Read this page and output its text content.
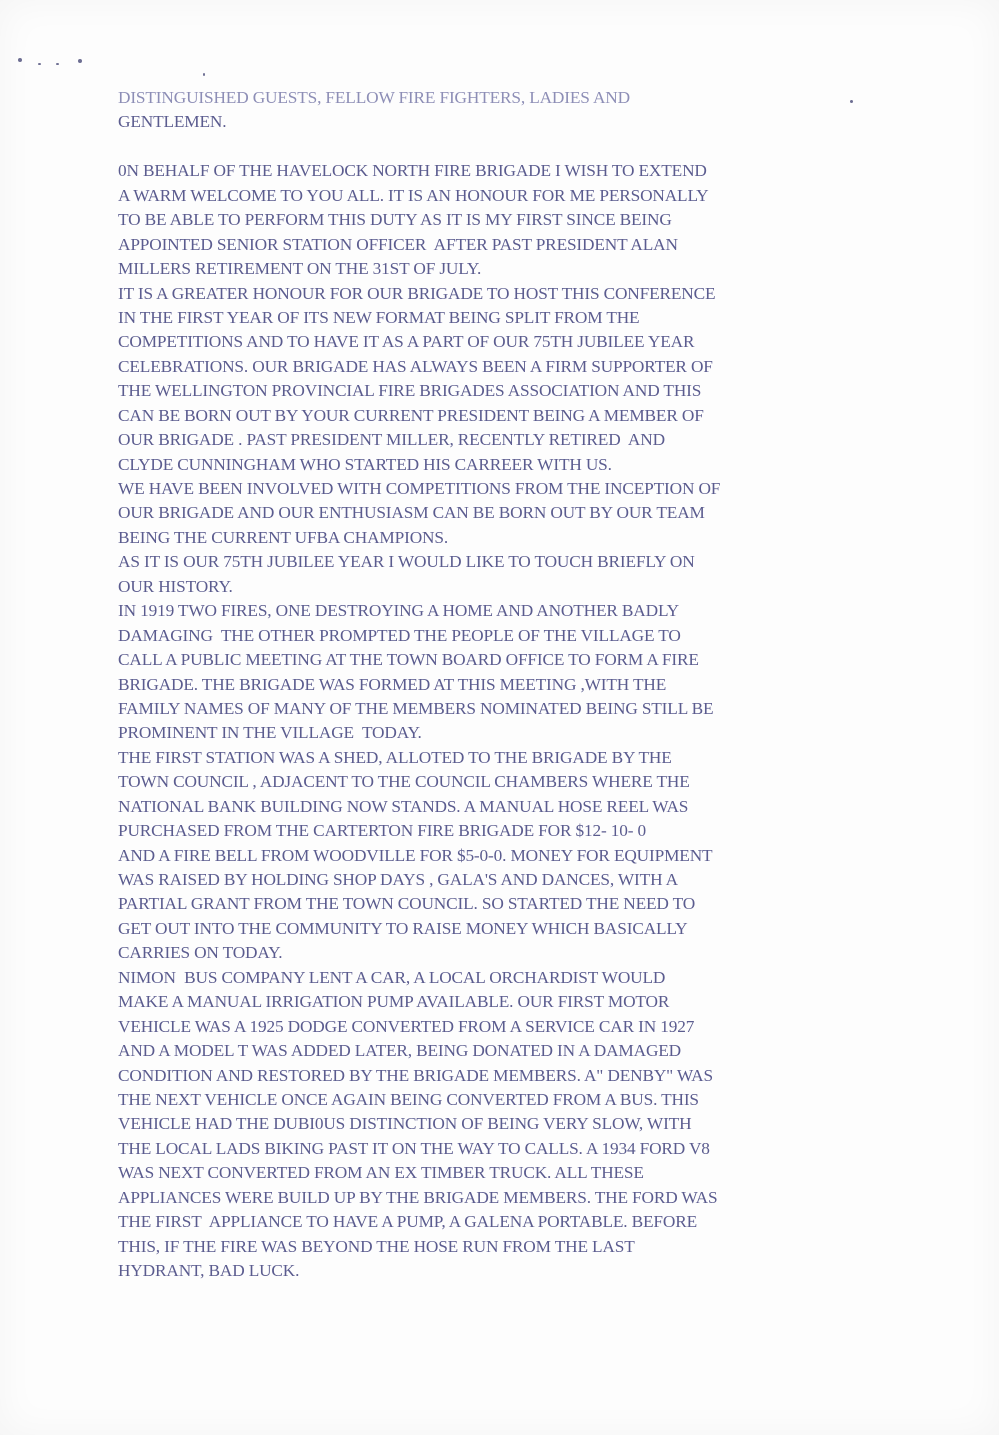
DISTINGUISHED GUESTS, FELLOW FIRE FIGHTERS, LADIES AND
GENTLEMEN.
0N BEHALF OF THE HAVELOCK NORTH FIRE BRIGADE I WISH TO EXTEND
A WARM WELCOME TO YOU ALL. IT IS AN HONOUR FOR ME PERSONALLY
TO BE ABLE TO PERFORM THIS DUTY AS IT IS MY FIRST SINCE BEING
APPOINTED SENIOR STATION OFFICER  AFTER PAST PRESIDENT ALAN
MILLERS RETIREMENT ON THE 31ST OF JULY.
IT IS A GREATER HONOUR FOR OUR BRIGADE TO HOST THIS CONFERENCE
IN THE FIRST YEAR OF ITS NEW FORMAT BEING SPLIT FROM THE
COMPETITIONS AND TO HAVE IT AS A PART OF OUR 75TH JUBILEE YEAR
CELEBRATIONS. OUR BRIGADE HAS ALWAYS BEEN A FIRM SUPPORTER OF
THE WELLINGTON PROVINCIAL FIRE BRIGADES ASSOCIATION AND THIS
CAN BE BORN OUT BY YOUR CURRENT PRESIDENT BEING A MEMBER OF
OUR BRIGADE . PAST PRESIDENT MILLER, RECENTLY RETIRED  AND
CLYDE CUNNINGHAM WHO STARTED HIS CARREER WITH US.
WE HAVE BEEN INVOLVED WITH COMPETITIONS FROM THE INCEPTION OF
OUR BRIGADE AND OUR ENTHUSIASM CAN BE BORN OUT BY OUR TEAM
BEING THE CURRENT UFBA CHAMPIONS.
AS IT IS OUR 75TH JUBILEE YEAR I WOULD LIKE TO TOUCH BRIEFLY ON
OUR HISTORY.
IN 1919 TWO FIRES, ONE DESTROYING A HOME AND ANOTHER BADLY
DAMAGING  THE OTHER PROMPTED THE PEOPLE OF THE VILLAGE TO
CALL A PUBLIC MEETING AT THE TOWN BOARD OFFICE TO FORM A FIRE
BRIGADE. THE BRIGADE WAS FORMED AT THIS MEETING ,WITH THE
FAMILY NAMES OF MANY OF THE MEMBERS NOMINATED BEING STILL BE
PROMINENT IN THE VILLAGE  TODAY.
THE FIRST STATION WAS A SHED, ALLOTED TO THE BRIGADE BY THE
TOWN COUNCIL , ADJACENT TO THE COUNCIL CHAMBERS WHERE THE
NATIONAL BANK BUILDING NOW STANDS. A MANUAL HOSE REEL WAS
PURCHASED FROM THE CARTERTON FIRE BRIGADE FOR $12- 10- 0
AND A FIRE BELL FROM WOODVILLE FOR $5-0-0. MONEY FOR EQUIPMENT
WAS RAISED BY HOLDING SHOP DAYS , GALA'S AND DANCES, WITH A
PARTIAL GRANT FROM THE TOWN COUNCIL. SO STARTED THE NEED TO
GET OUT INTO THE COMMUNITY TO RAISE MONEY WHICH BASICALLY
CARRIES ON TODAY.
NIMON  BUS COMPANY LENT A CAR, A LOCAL ORCHARDIST WOULD
MAKE A MANUAL IRRIGATION PUMP AVAILABLE. OUR FIRST MOTOR
VEHICLE WAS A 1925 DODGE CONVERTED FROM A SERVICE CAR IN 1927
AND A MODEL T WAS ADDED LATER, BEING DONATED IN A DAMAGED
CONDITION AND RESTORED BY THE BRIGADE MEMBERS. A" DENBY" WAS
THE NEXT VEHICLE ONCE AGAIN BEING CONVERTED FROM A BUS. THIS
VEHICLE HAD THE DUBI0US DISTINCTION OF BEING VERY SLOW, WITH
THE LOCAL LADS BIKING PAST IT ON THE WAY TO CALLS. A 1934 FORD V8
WAS NEXT CONVERTED FROM AN EX TIMBER TRUCK. ALL THESE
APPLIANCES WERE BUILD UP BY THE BRIGADE MEMBERS. THE FORD WAS
THE FIRST  APPLIANCE TO HAVE A PUMP, A GALENA PORTABLE. BEFORE
THIS, IF THE FIRE WAS BEYOND THE HOSE RUN FROM THE LAST
HYDRANT, BAD LUCK.
